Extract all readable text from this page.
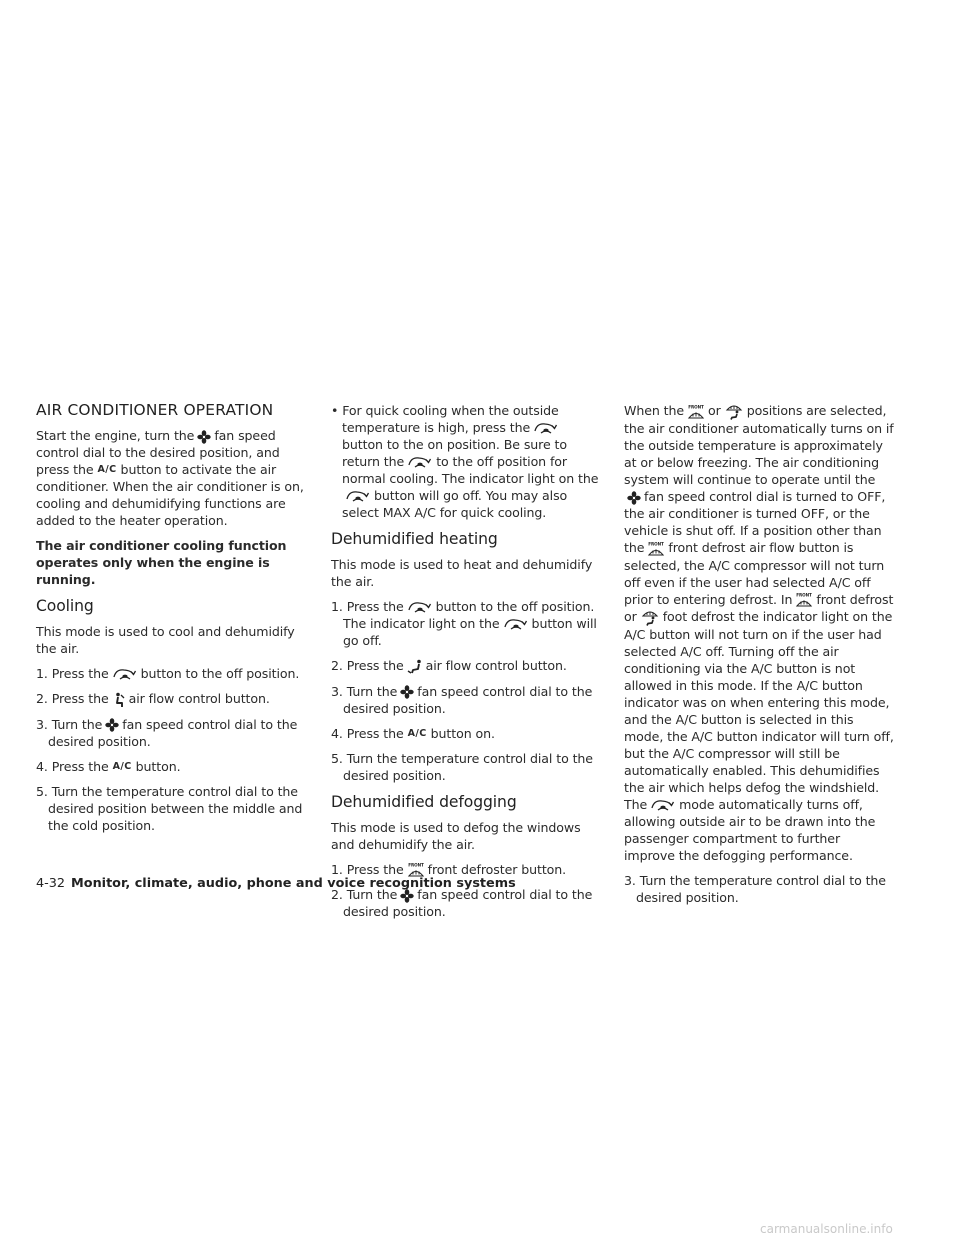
AIR CONDITIONER OPERATION

Start the engine, turn the fan speed control dial to the desired position, and press the A/C button to activate the air conditioner. When the air conditioner is on, cooling and dehumidifying functions are added to the heater operation.

The air conditioner cooling function operates only when the engine is running.

Cooling

This mode is used to cool and dehumidify the air.

1. Press the	button to the off position.

2. Press the air flow control button.

3. Turn the fan speed control dial to the desired position.

4. Press the A/C button.

5. Turn the temperature control dial to the desired position between the middle and the cold position.

• For quick cooling when the outside temperature is high, press the
button to the on position. Be sure to return the	to the off position for normal cooling. The indicator light on the
button will go off. You may also select MAX A/C for quick cooling.

Dehumidified heating

This mode is used to heat and dehumidify the air.

1. Press the	button to the off position. The indicator light on the	button will go off.

2. Press the air flow control button.

3. Turn the fan speed control dial to the desired position.

4. Press the A/C button on.

5. Turn the temperature control dial to the desired position.

Dehumidified defogging

This mode is used to defog the windows and dehumidify the air.

1. Press the FRONT front defroster button.

2. Turn the fan speed control dial to the desired position.

When the FRONT or positions are selected, the air conditioner automatically turns on if the outside temperature is approximately at or below freezing. The air conditioning system will continue to operate until the
fan speed control dial is turned to OFF, the air conditioner is turned OFF, or the vehicle is shut off. If a position other than the FRONT front defrost air flow button is selected, the A/C compressor will not turn off even if the user had selected A/C off prior to entering defrost. In FRONT front defrost or foot defrost the indicator light on the A/C button will not turn on if the user had selected A/C off. Turning off the air conditioning via the A/C button is not allowed in this mode. If the A/C button indicator was on when entering this mode, and the A/C button is selected in this mode, the A/C button indicator will turn off, but the A/C compressor will still be automatically enabled. This dehumidifies the air which helps defog the windshield. The	mode automatically turns off, allowing outside air to be drawn into the passenger compartment to further improve the defogging performance.

3. Turn the temperature control dial to the desired position.

4-32 Monitor, climate, audio, phone and voice recognition systems
carmanualsonline.info
